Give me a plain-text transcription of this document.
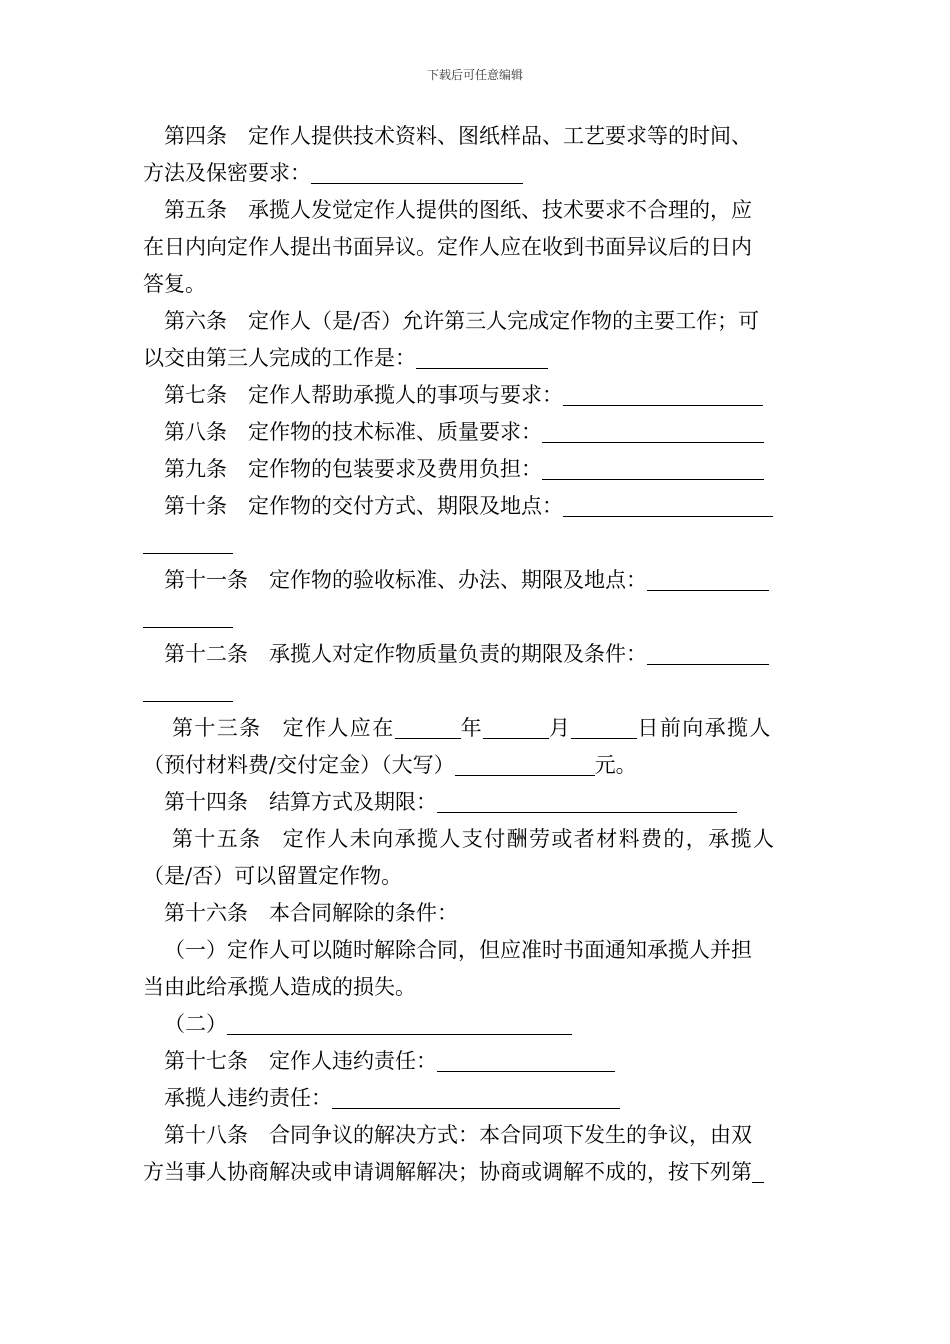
下载后可任意编辑

第四条 定作人提供技术资料、图纸样品、工艺要求等的时间、

方法及保密要求：

第五条 承揽人发觉定作人提供的图纸、技术要求不合理的，应

在日内向定作人提出书面异议。定作人应在收到书面异议后的日内

答复。

第六条 定作人（是/否）允许第三人完成定作物的主要工作；可

以交由第三人完成的工作是：

第七条 定作人帮助承揽人的事项与要求：

第八条 定作物的技术标准、质量要求：

第九条 定作物的包装要求及费用负担：

第十条 定作物的交付方式、期限及地点：

第十一条 定作物的验收标准、办法、期限及地点：

第十二条 承揽人对定作物质量负责的期限及条件：

第十三条 定作人应在	年	月	日前向承揽人

（预付材料费/交付定金）（大写）	元。

第十四条 结算方式及期限：

第十五条 定作人未向承揽人支付酬劳或者材料费的，承揽人

（是/否）可以留置定作物。

第十六条 本合同解除的条件：

（一）定作人可以随时解除合同，但应准时书面通知承揽人并担

当由此给承揽人造成的损失。

（二）

第十七条 定作人违约责任：

承揽人违约责任：

第十八条 合同争议的解决方式：本合同项下发生的争议，由双

方当事人协商解决或申请调解解决；协商或调解不成的，按下列第
